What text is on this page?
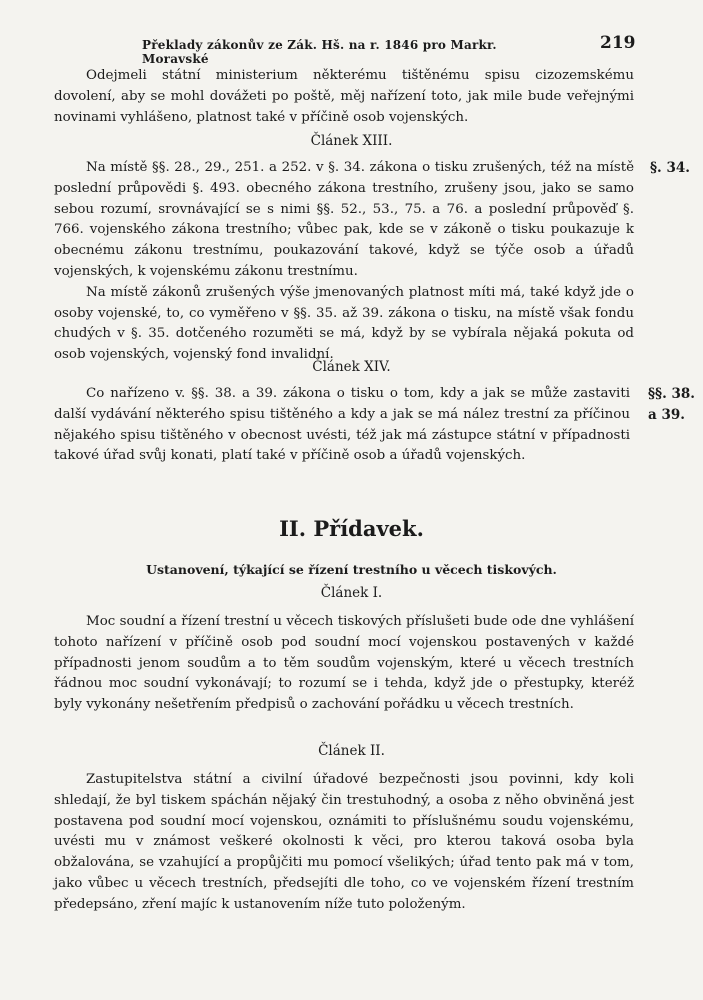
Překlady zákonův ze Zák. Hš. na r. 1846 pro Markr. Moravské
219

Odejmeli státní ministerium některému tištěnému spisu cizozemskému dovolení, aby se mohl dovážeti po poště, měj nařízení toto, jak mile bude veřejnými novinami vyhlášeno, platnost také v příčině osob vojenských.

Článek XIII.
§. 34.

Na místě §§. 28., 29., 251. a 252. v §. 34. zákona o tisku zrušených, též na místě poslední průpovědi §. 493. obecného zákona trestního, zrušeny jsou, jako se samo sebou rozumí, srovnávající se s nimi §§. 52., 53., 75. a 76. a poslední průpověď §. 766. vojenského zákona trestního; vůbec pak, kde se v zákoně o tisku poukazuje k obecnému zákonu trestnímu, poukazování takové, když se týče osob a úřadů vojenských, k vojenskému zákonu trestnímu.

Na místě zákonů zrušených výše jmenovaných platnost míti má, také když jde o osoby vojenské, to, co vyměřeno v §§. 35. až 39. zákona o tisku, na místě však fondu chudých v §. 35. dotčeného rozuměti se má, když by se vybírala nějaká pokuta od osob vojenských, vojenský fond invalidní.

Článek XIV.
§§. 38. a 39.

Co nařízeno v. §§. 38. a 39. zákona o tisku o tom, kdy a jak se může zastaviti další vydávání některého spisu tištěného a kdy a jak se má nález trestní za příčinou nějakého spisu tištěného v obecnost uvésti, též jak má zástupce státní v případnosti takové úřad svůj konati, platí také v příčině osob a úřadů vojenských.

II. Přídavek.
Ustanovení, týkající se řízení trestního u věcech tiskových.
Článek I.

Moc soudní a řízení trestní u věcech tiskových příslušeti bude ode dne vyhlášení tohoto nařízení v příčině osob pod soudní mocí vojenskou postavených v každé případnosti jenom soudům a to těm soudům vojenským, které u věcech trestních řádnou moc soudní vykonávají; to rozumí se i tehda, když jde o přestupky, kteréž byly vykonány nešetřením předpisů o zachování pořádku u věcech trestních.

Článek II.

Zastupitelstva státní a civilní úřadové bezpečnosti jsou povinni, kdy koli shledají, že byl tiskem spáchán nějaký čin trestuhodný, a osoba z něho obviněná jest postavena pod soudní mocí vojenskou, oznámiti to příslušnému soudu vojenskému, uvésti mu v známost veškeré okolnosti k věci, pro kterou taková osoba byla obžalována, se vzahující a propůjčiti mu pomocí všelikých; úřad tento pak má v tom, jako vůbec u věcech trestních, předsejíti dle toho, co ve vojenském řízení trestním předepsáno, zření majíc k ustanovením níže tuto položeným.
